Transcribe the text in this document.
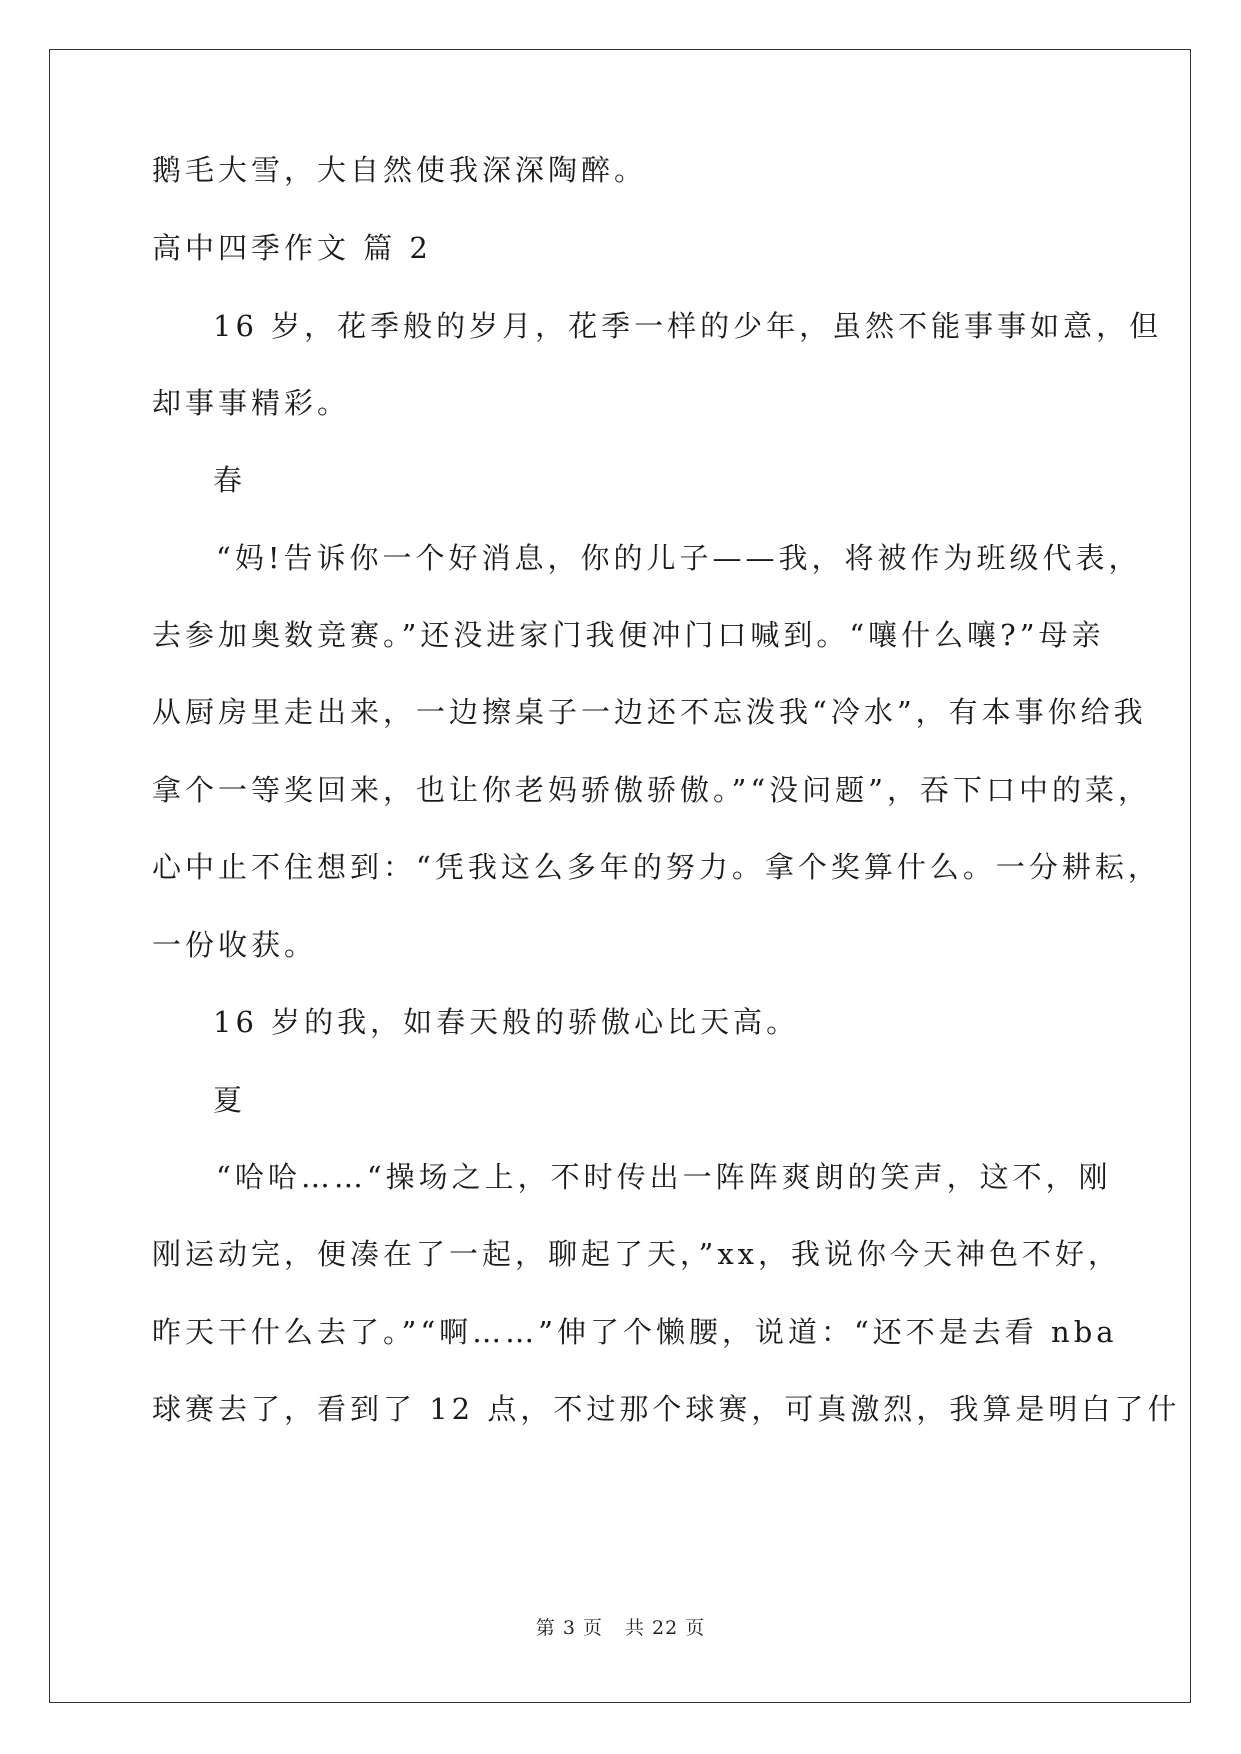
鹅毛大雪，大自然使我深深陶醉。
高中四季作文 篇 2
16 岁，花季般的岁月，花季一样的少年，虽然不能事事如意，但
却事事精彩。
春
“妈!告诉你一个好消息，你的儿子——我，将被作为班级代表，
去参加奥数竞赛。”还没进家门我便冲门口喊到。“嚷什么嚷?”母亲
从厨房里走出来，一边擦桌子一边还不忘泼我“冷水”，有本事你给我
拿个一等奖回来，也让你老妈骄傲骄傲。”“没问题”，吞下口中的菜，
心中止不住想到：“凭我这么多年的努力。拿个奖算什么。一分耕耘，
一份收获。
16 岁的我，如春天般的骄傲心比天高。
夏
“哈哈……“操场之上，不时传出一阵阵爽朗的笑声，这不，刚
刚运动完，便凑在了一起，聊起了天，”xx，我说你今天神色不好，
昨天干什么去了。”“啊……”伸了个懒腰，说道：“还不是去看 nba
球赛去了，看到了 12 点，不过那个球赛，可真激烈，我算是明白了什
第 3 页 共 22 页
